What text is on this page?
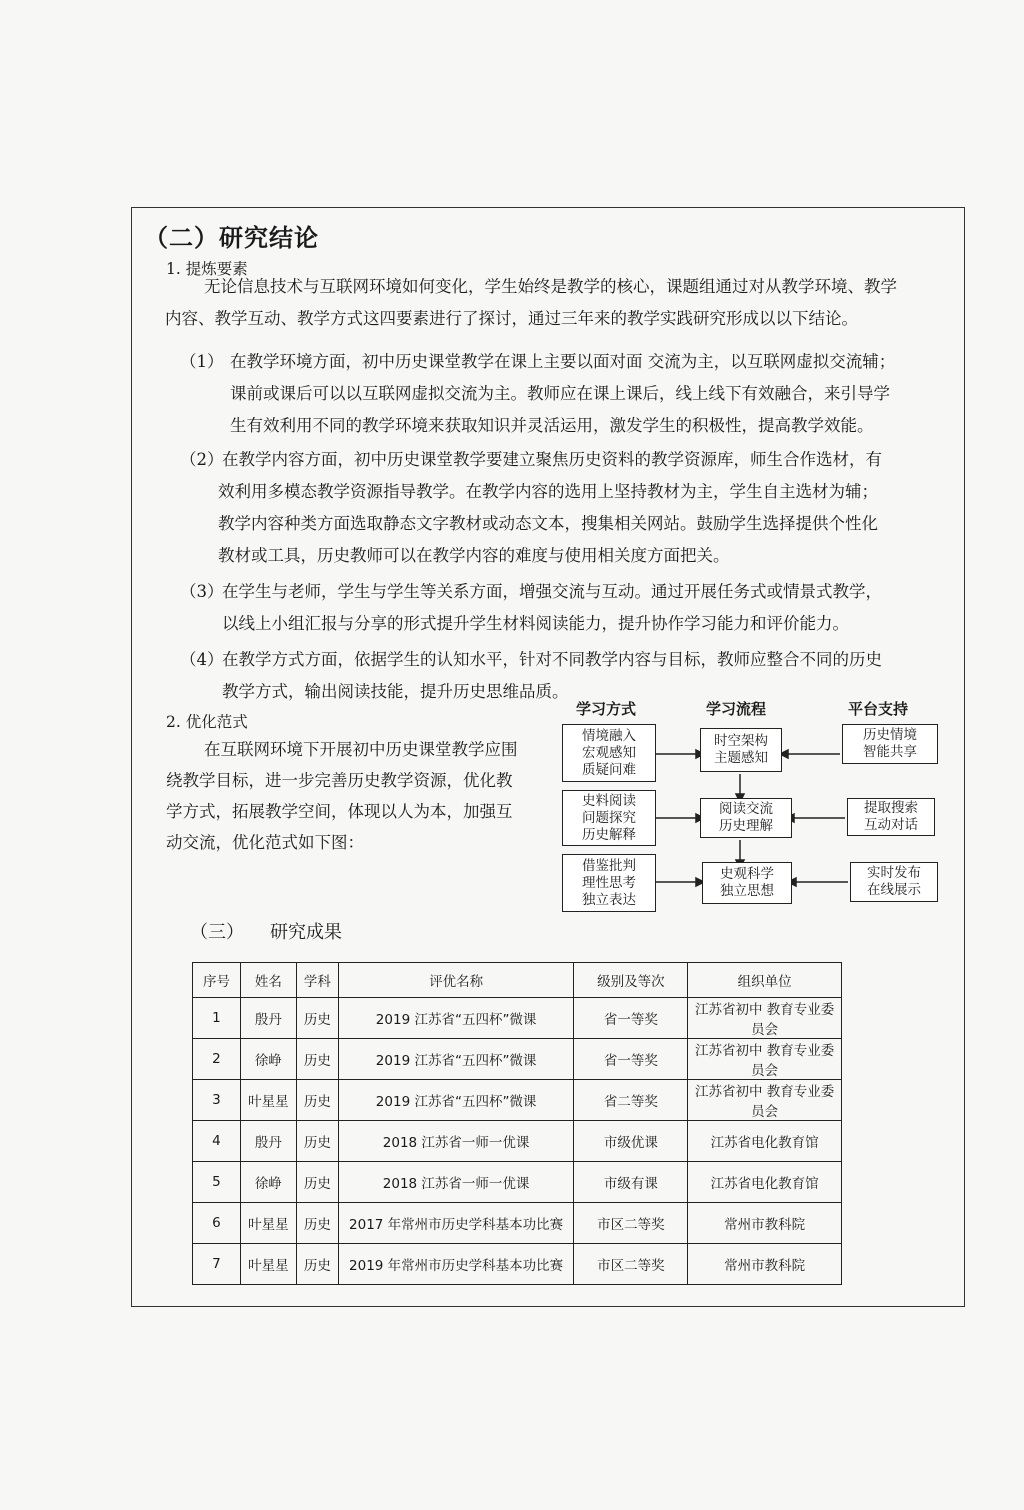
（二）研究结论
1. 提炼要素
无论信息技术与互联网环境如何变化，学生始终是教学的核心，课题组通过对从教学环境、教学
内容、教学互动、教学方式这四要素进行了探讨，通过三年来的教学实践研究形成以以下结论。
（1） 在教学环境方面，初中历史课堂教学在课上主要以面对面 交流为主，以互联网虚拟交流辅；
课前或课后可以以互联网虚拟交流为主。教师应在课上课后，线上线下有效融合，来引导学
生有效利用不同的教学环境来获取知识并灵活运用，激发学生的积极性，提高教学效能。
（2）
在教学内容方面，初中历史课堂教学要建立聚焦历史资料的教学资源库，师生合作选材，有
效利用多模态教学资源指导教学。在教学内容的选用上坚持教材为主，学生自主选材为辅；
教学内容种类方面选取静态文字教材或动态文本，搜集相关网站。鼓励学生选择提供个性化
教材或工具，历史教师可以在教学内容的难度与使用相关度方面把关。
（3）
在学生与老师，学生与学生等关系方面，增强交流与互动。通过开展任务式或情景式教学，
以线上小组汇报与分享的形式提升学生材料阅读能力，提升协作学习能力和评价能力。
（4）
在教学方式方面，依据学生的认知水平，针对不同教学内容与目标，教师应整合不同的历史
教学方式，输出阅读技能，提升历史思维品质。
2. 优化范式
在互联网环境下开展初中历史课堂教学应围
绕教学目标，进一步完善历史教学资源，优化教
学方式，拓展教学空间，体现以人为本，加强互
动交流，优化范式如下图：
学习方式	学习流程	平台支持
情境融入
宏观感知
质疑问难
史料阅读
问题探究
历史解释
借鉴批判
理性思考
独立表达
时空架构
主题感知
阅读交流
历史理解
史观科学
独立思想
历史情境
智能共享
提取搜索
互动对话
实时发布
在线展示
（三） 研究成果
序号	姓名	学科	评优名称	级别及等次	组织单位
1	殷丹	历史	2019 江苏省“五四杯”微课	省一等奖	江苏省初中 教育专业委员会
2	徐峥	历史	2019 江苏省“五四杯”微课	省一等奖	江苏省初中 教育专业委员会
3	叶星星	历史	2019 江苏省“五四杯”微课	省二等奖	江苏省初中 教育专业委员会
4	殷丹	历史	2018 江苏省一师一优课	市级优课	江苏省电化教育馆
5	徐峥	历史	2018 江苏省一师一优课	市级有课	江苏省电化教育馆
6	叶星星	历史	2017 年常州市历史学科基本功比赛	市区二等奖	常州市教科院
7	叶星星	历史	2019 年常州市历史学科基本功比赛	市区二等奖	常州市教科院
